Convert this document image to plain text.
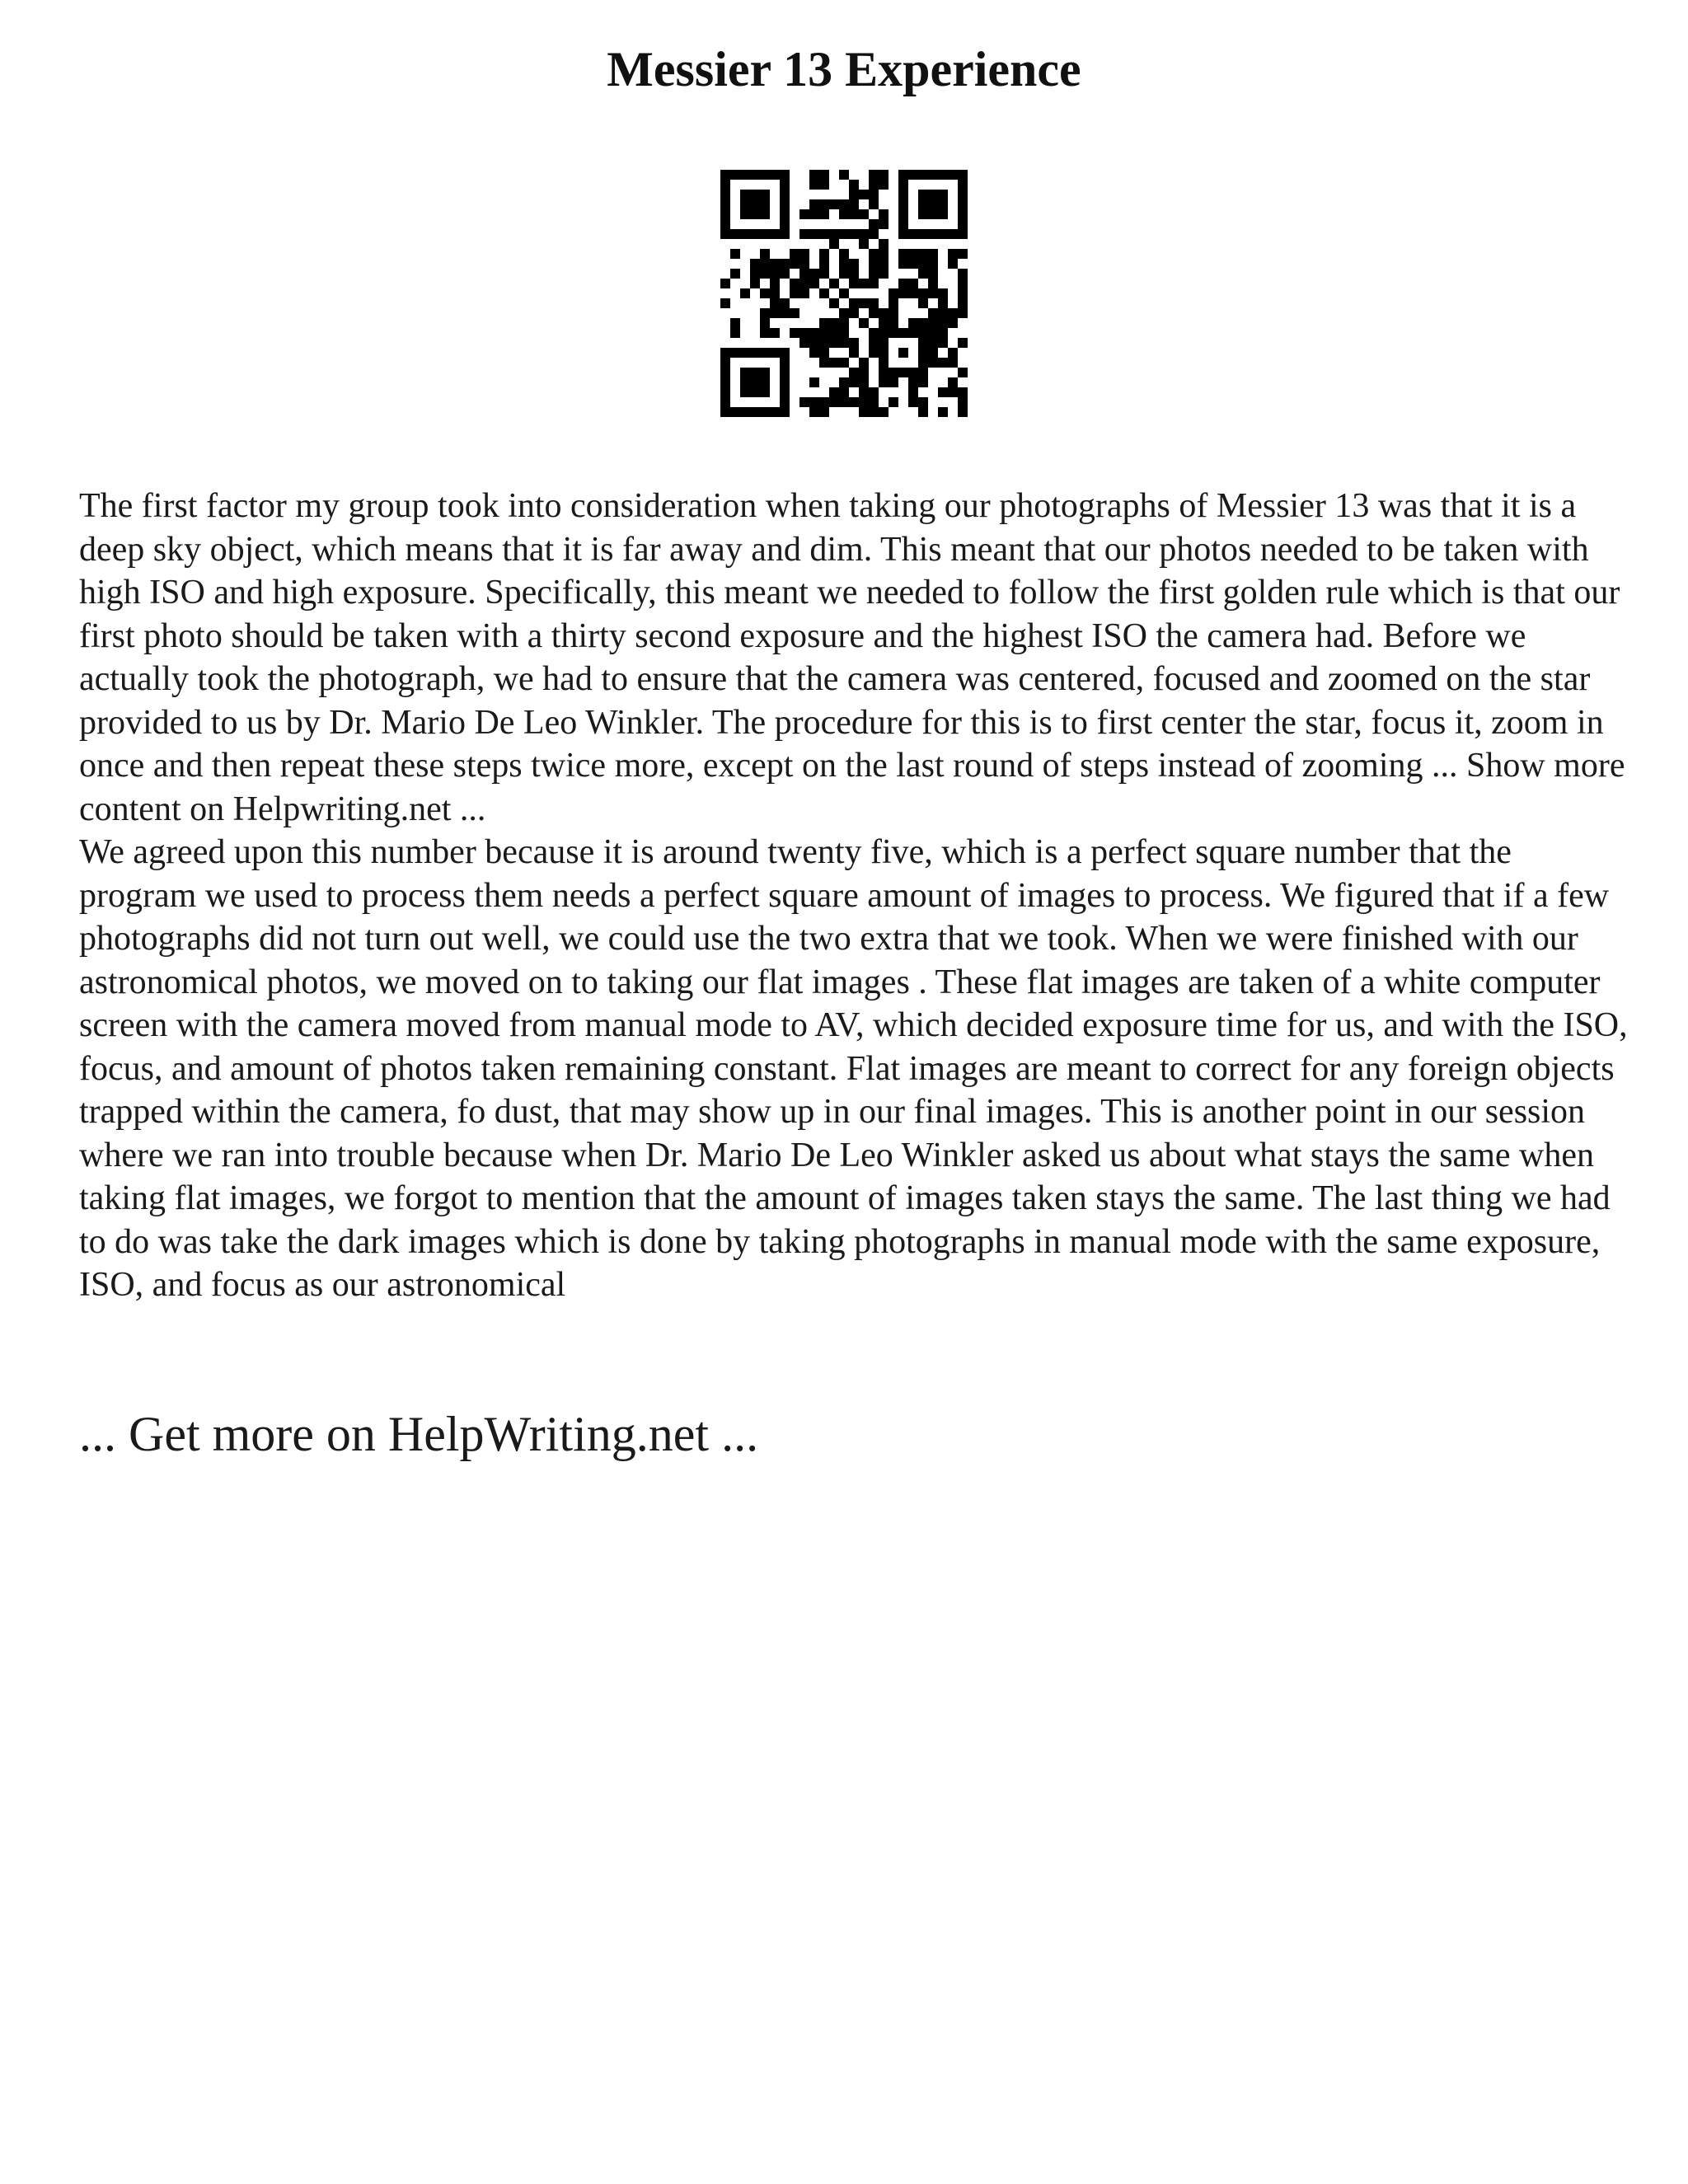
Messier 13 Experience

The first factor my group took into consideration when taking our photographs of Messier 13 was that it is a deep sky object, which means that it is far away and dim. This meant that our photos needed to be taken with high ISO and high exposure. Specifically, this meant we needed to follow the first golden rule which is that our first photo should be taken with a thirty second exposure and the highest ISO the camera had. Before we actually took the photograph, we had to ensure that the camera was centered, focused and zoomed on the star provided to us by Dr. Mario De Leo Winkler. The procedure for this is to first center the star, focus it, zoom in once and then repeat these steps twice more, except on the last round of steps instead of zooming ... Show more content on Helpwriting.net ...

We agreed upon this number because it is around twenty five, which is a perfect square number that the program we used to process them needs a perfect square amount of images to process. We figured that if a few photographs did not turn out well, we could use the two extra that we took. When we were finished with our astronomical photos, we moved on to taking our flat images . These flat images are taken of a white computer screen with the camera moved from manual mode to AV, which decided exposure time for us, and with the ISO, focus, and amount of photos taken remaining constant. Flat images are meant to correct for any foreign objects trapped within the camera, fo dust, that may show up in our final images. This is another point in our session where we ran into trouble because when Dr. Mario De Leo Winkler asked us about what stays the same when taking flat images, we forgot to mention that the amount of images taken stays the same. The last thing we had to do was take the dark images which is done by taking photographs in manual mode with the same exposure, ISO, and focus as our astronomical

... Get more on HelpWriting.net ...
